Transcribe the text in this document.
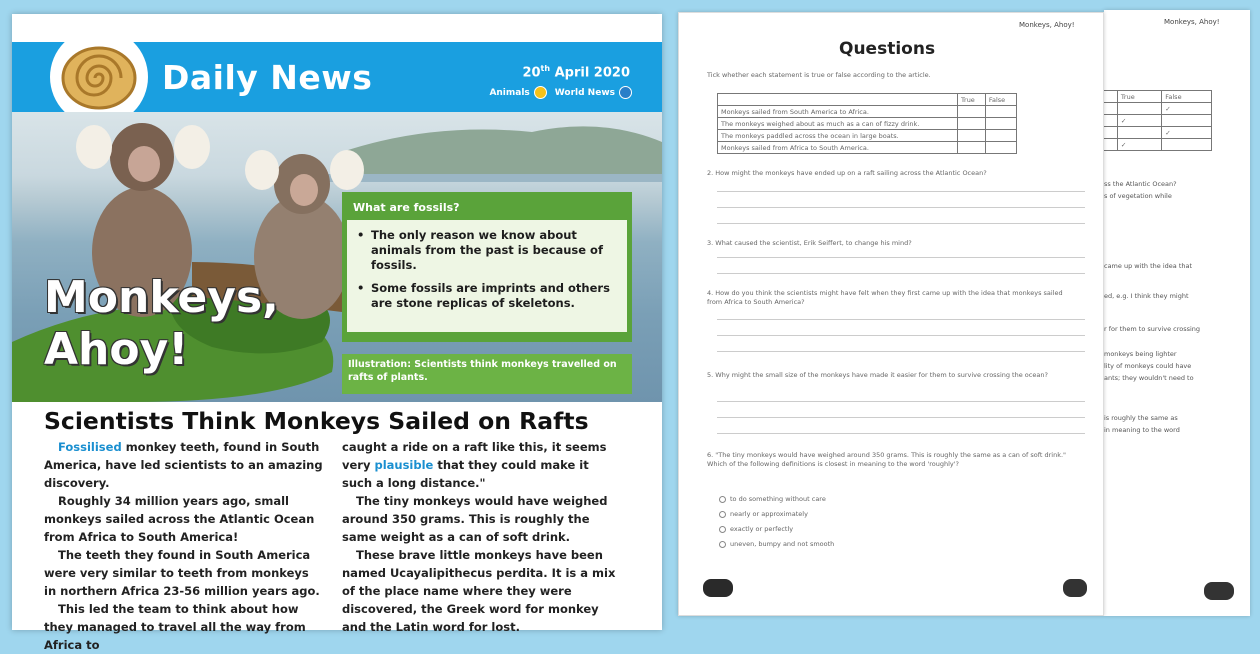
Daily News	20th April 2020
Animals	World News
Monkeys,
Ahoy!
What are fossils?
• The only reason we know about animals from the past is because of fossils.
• Some fossils are imprints and others are stone replicas of skeletons.
Illustration: Scientists think monkeys travelled on rafts of plants.
Scientists Think Monkeys Sailed on Rafts

Fossilised monkey teeth, found in South America, have led scientists to an amazing discovery.

Roughly 34 million years ago, small monkeys sailed across the Atlantic Ocean from Africa to South America!

The teeth they found in South America were very similar to teeth from monkeys in northern Africa 23-56 million years ago.

This led the team to think about how they managed to travel all the way from Africa to

caught a ride on a raft like this, it seems very plausible that they could make it such a long distance."

The tiny monkeys would have weighed around 350 grams. This is roughly the same weight as a can of soft drink.

These brave little monkeys have been named Ucayalipithecus perdita. It is a mix of the place name where they were discovered, the Greek word for monkey and the Latin word for lost.

Monkeys, Ahoy!
	True	False
		✓
	✓	
		✓
	✓	
ss the Atlantic Ocean?
s of vegetation while
came up with the idea that
ed, e.g. I think they might
r for them to survive crossing
monkeys being lighter
lity of monkeys could have
ants; they wouldn't need to
is roughly the same as
in meaning to the word
Monkeys, Ahoy!
Questions
Tick whether each statement is true or false according to the article.
	True	False
Monkeys sailed from South America to Africa.		
The monkeys weighed about as much as a can of fizzy drink.		
The monkeys paddled across the ocean in large boats.		
Monkeys sailed from Africa to South America.		
2. How might the monkeys have ended up on a raft sailing across the Atlantic Ocean?
3. What caused the scientist, Erik Seiffert, to change his mind?
4. How do you think the scientists might have felt when they first came up with the idea that monkeys sailed from Africa to South America?
5. Why might the small size of the monkeys have made it easier for them to survive crossing the ocean?
6. "The tiny monkeys would have weighed around 350 grams. This is roughly the same as a can of soft drink." Which of the following definitions is closest in meaning to the word 'roughly'?
to do something without care
nearly or approximately
exactly or perfectly
uneven, bumpy and not smooth
